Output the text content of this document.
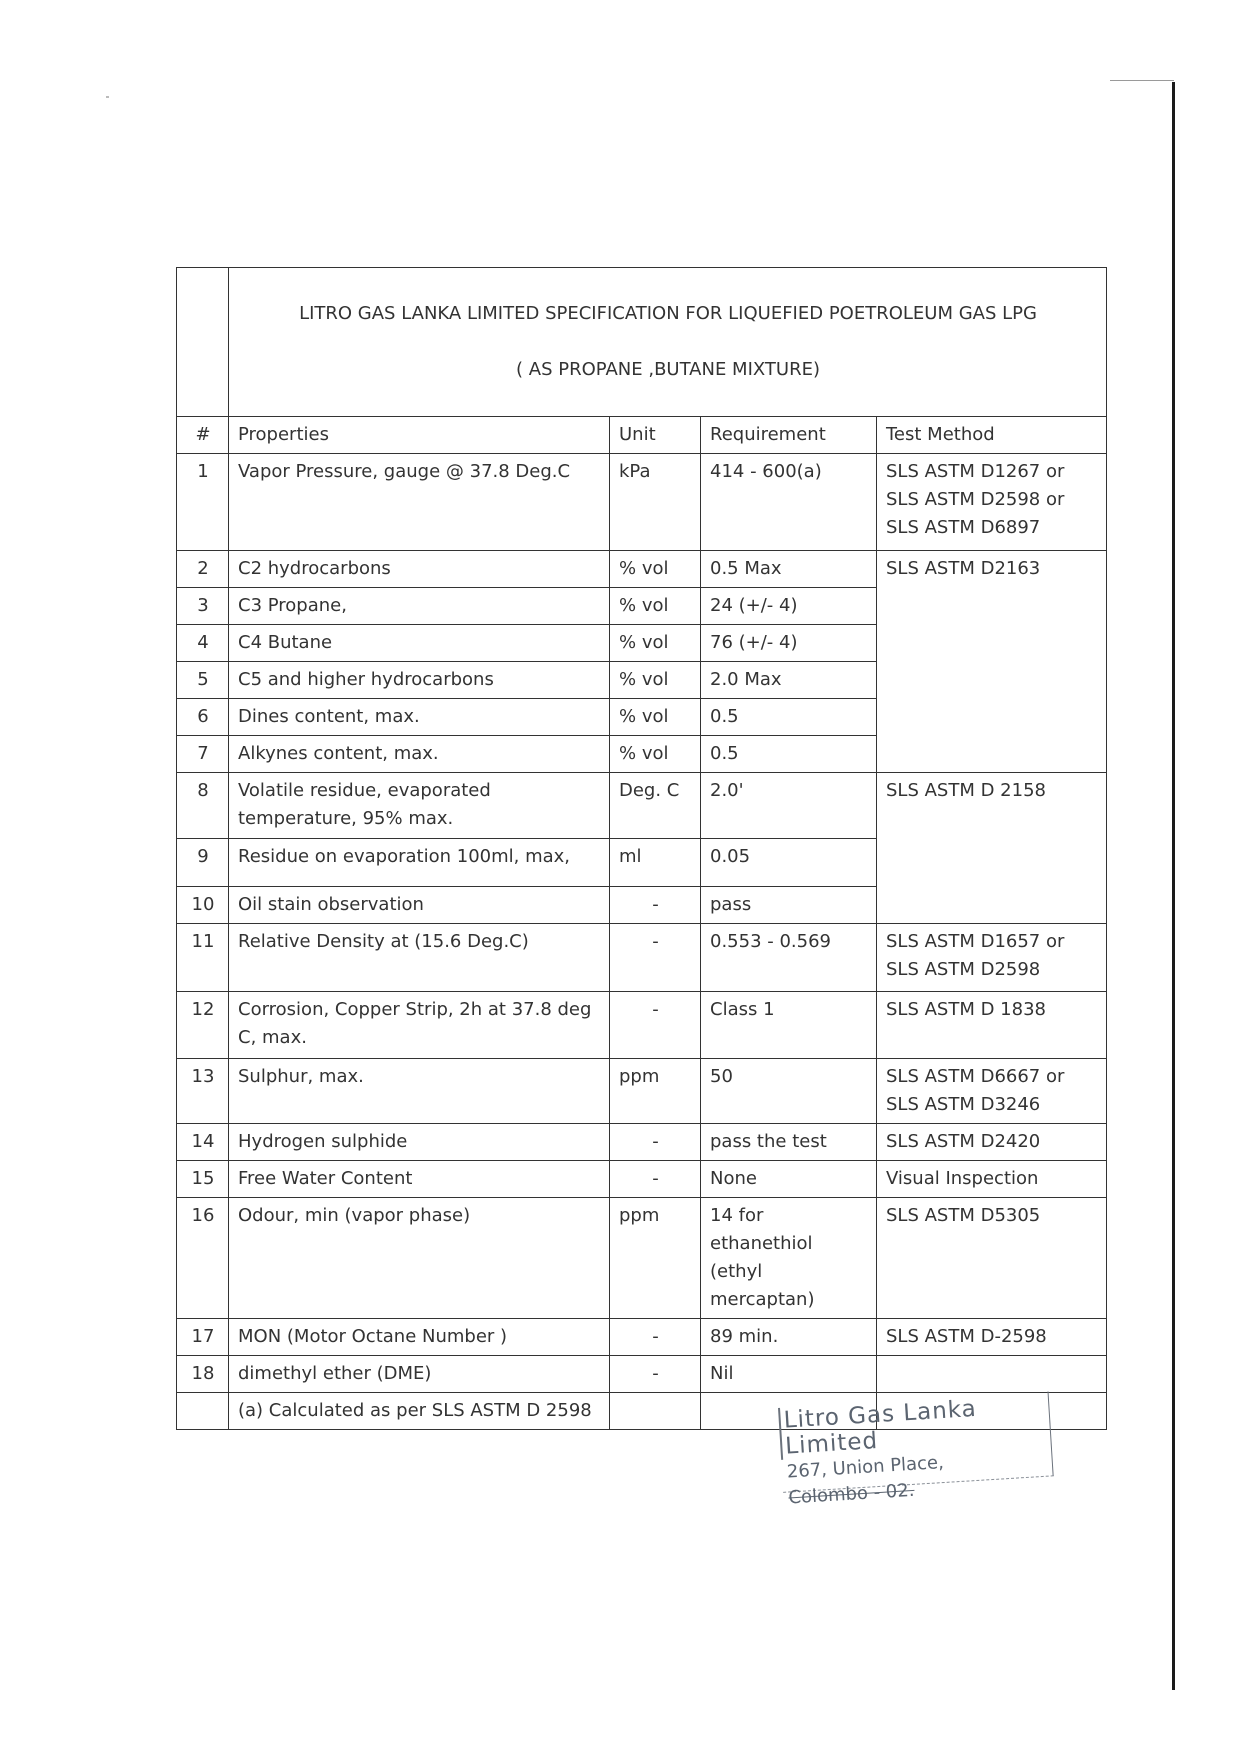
	LITRO GAS LANKA LIMITED SPECIFICATION FOR LIQUEFIED POETROLEUM GAS LPG

( AS PROPANE ,BUTANE MIXTURE)			

#	Properties	Unit	Requirement	Test Method
1	Vapor Pressure, gauge @ 37.8 Deg.C	kPa	414 - 600(a)	SLS ASTM D1267 or
SLS ASTM D2598 or
SLS ASTM D6897
2	C2 hydrocarbons	% vol	0.5 Max	SLS ASTM D2163
3	C3 Propane,	% vol	24 (+/- 4)	
4	C4 Butane	% vol	76 (+/- 4)	
5	C5 and higher hydrocarbons	% vol	2.0 Max	
6	Dines content, max.	% vol	0.5	
7	Alkynes content, max.	% vol	0.5	
8	Volatile residue, evaporated
temperature, 95% max.	Deg. C	2.0'	SLS ASTM D 2158
9	Residue on evaporation 100ml, max,	ml	0.05	
10	Oil stain observation	-	pass	
11	Relative Density at (15.6 Deg.C)	-	0.553 - 0.569	SLS ASTM D1657 or
SLS ASTM D2598
12	Corrosion, Copper Strip, 2h at 37.8 deg
C, max.	-	Class 1	SLS ASTM D 1838
13	Sulphur, max.	ppm	50	SLS ASTM D6667 or
SLS ASTM D3246
14	Hydrogen sulphide	-	pass the test	SLS ASTM D2420
15	Free Water Content	-	None	Visual Inspection
16	Odour, min (vapor phase)	ppm	14 for
ethanethiol
(ethyl
mercaptan)	SLS ASTM D5305
17	MON (Motor Octane Number )	-	89 min.	SLS ASTM D-2598
18	dimethyl ether (DME)	-	Nil	
	(a) Calculated as per SLS ASTM D 2598				Litro Gas Lanka Limited
267, Union Place,
Colombo - 02.
